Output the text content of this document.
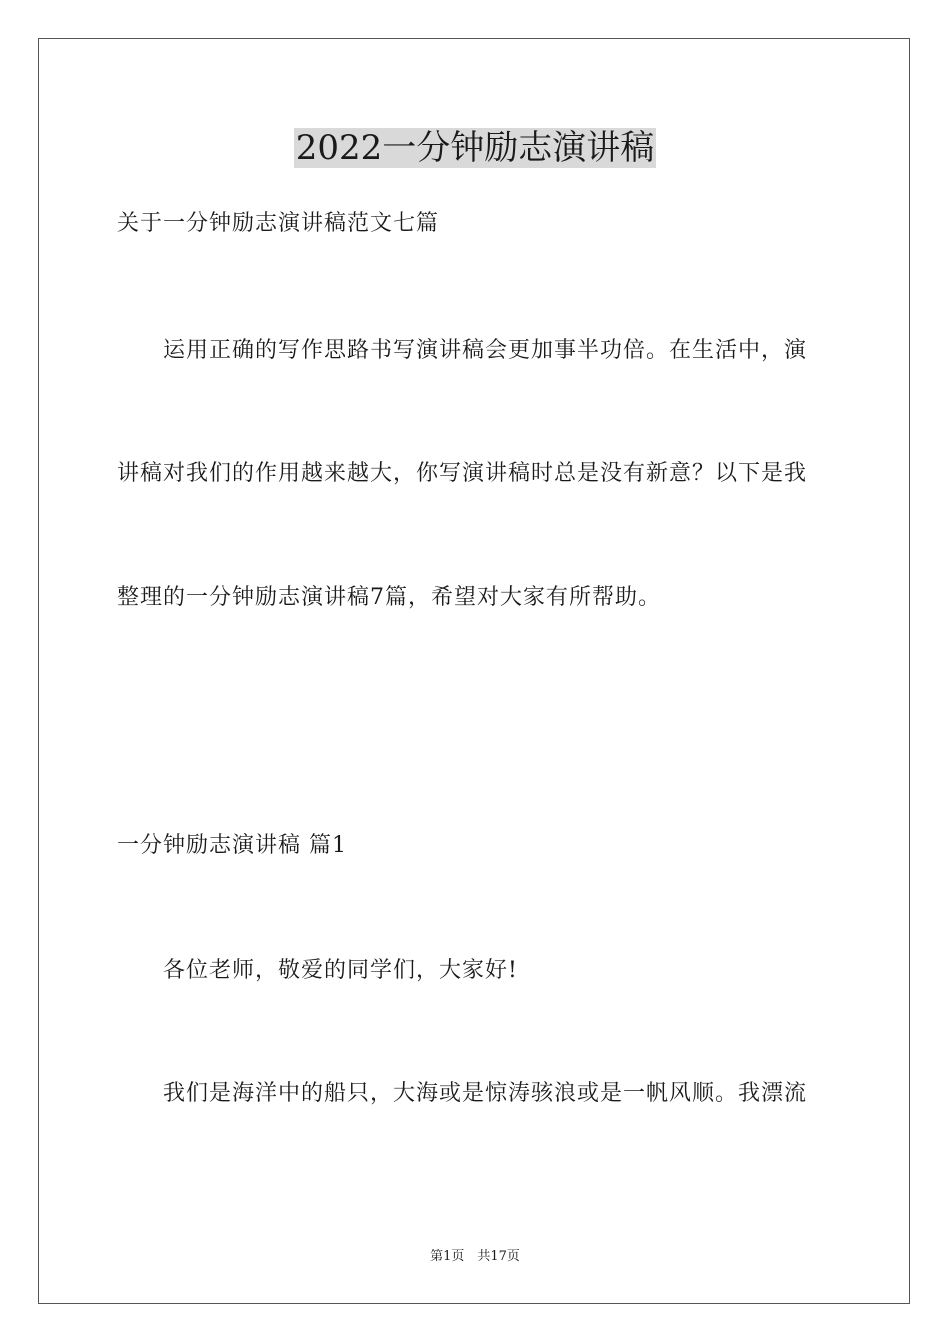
2022一分钟励志演讲稿
关于一分钟励志演讲稿范文七篇
运用正确的写作思路书写演讲稿会更加事半功倍。在生活中，演
讲稿对我们的作用越来越大，你写演讲稿时总是没有新意？以下是我
整理的一分钟励志演讲稿7篇，希望对大家有所帮助。
一分钟励志演讲稿 篇1
各位老师，敬爱的同学们，大家好!
我们是海洋中的船只，大海或是惊涛骇浪或是一帆风顺。我漂流
第1页　共17页
